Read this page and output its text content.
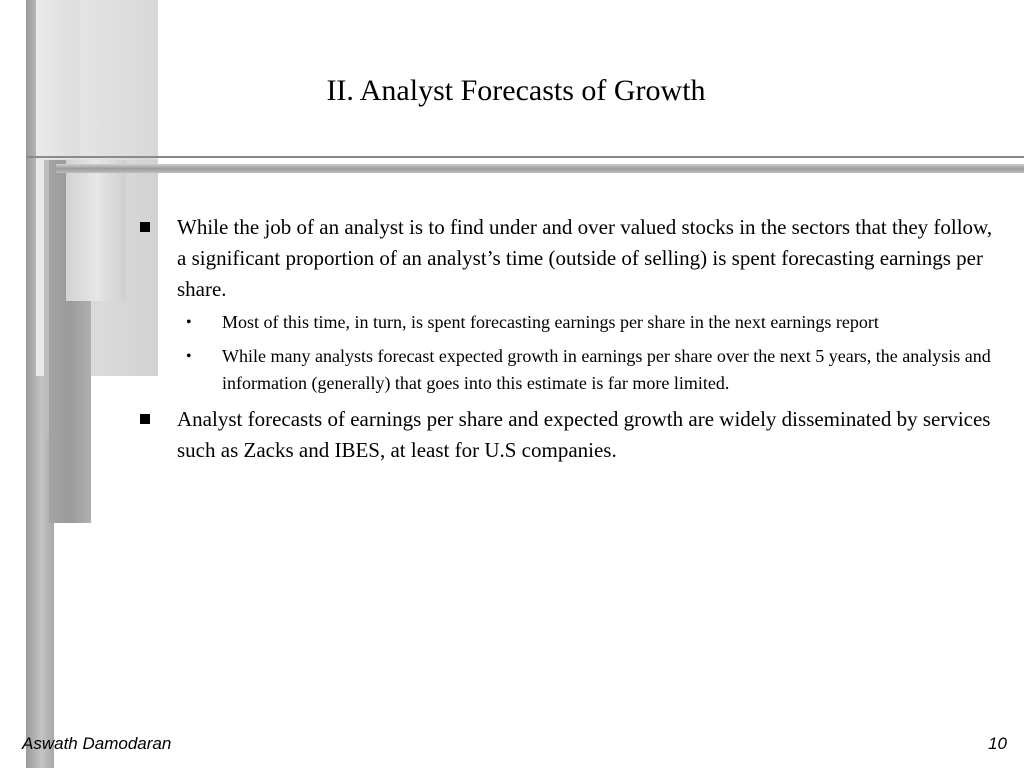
II. Analyst Forecasts of Growth
While the job of an analyst is to find under and over valued stocks in the sectors that they follow, a significant proportion of an analyst’s time (outside of selling) is spent forecasting earnings per share.
• Most of this time, in turn, is spent forecasting earnings per share in the next earnings report
• While many analysts forecast expected growth in earnings per share over the next 5 years, the analysis and information (generally) that goes into this estimate is far more limited.
Analyst forecasts of earnings per share and expected growth are widely disseminated by services such as Zacks and IBES, at least for U.S companies.
Aswath Damodaran	10
